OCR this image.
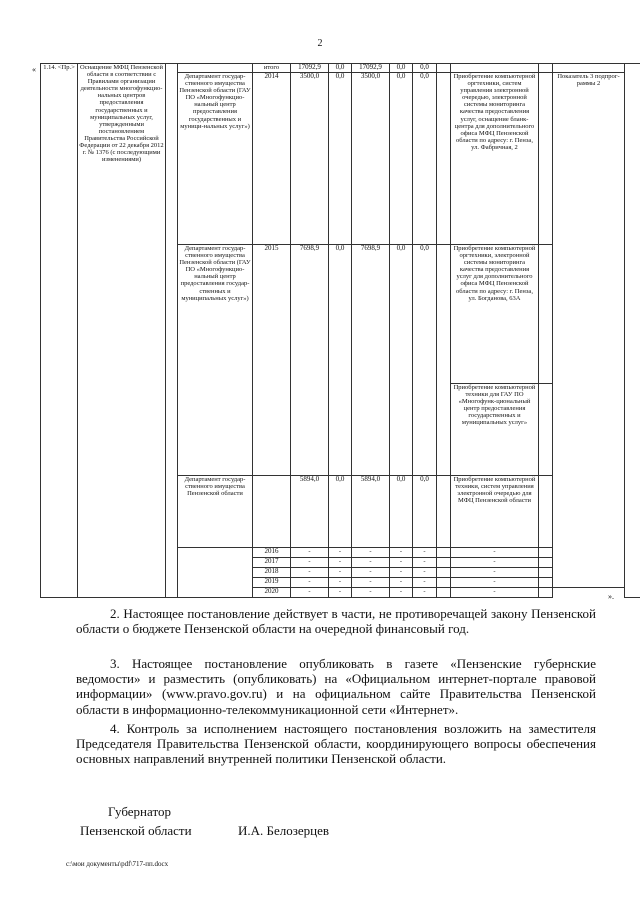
2
« 1.14. <Пр.>	Оснащение МФЦ Пензенской области в соответствии с Правилами организации деятельности многофункцио-нальных центров предоставления государственных и муниципальных услуг, утвержденными постановлением Правительства Российской Федерации от 22 декабря 2012 г. № 1376 (с последующими изменениями)			итого	17092,9	0,0	17092,9	0,0	0,0					
			Департамент государ-ственного имущества Пензенской области (ГАУ ПО «Многофункцио-нальный центр предоставления государственных и муници-нальных услуг»)	2014	3500,0	0,0	3500,0	0,0	0,0		Приобретение компьютерной оргтехники, систем управления электронной очередью, электронной системы мониторинга качества предоставления услуг, оснащение бланк-центра для дополнительного офиса МФЦ Пензенской области по адресу: г. Пенза, ул. Фабричная, 2		Показатель 3 подпрог-раммы 2	
			Департамент государ-ственного имущества Пензенской области (ГАУ ПО «Многофункцио-нальный центр предоставления государ-ственных и муниципальных услуг»)	2015	7698,9	0,0	7698,9	0,0	0,0		Приобретение компьютерной оргтехники, электронной системы мониторинга качества предоставления услуг для дополнительного офиса МФЦ Пензенской области по адресу: г. Пенза, ул. Богданова, 63А			
											Приобретение компьютерной техники для ГАУ ПО «Многофунк-циональный центр предоставления государственных и муниципальных услуг»			
			Департамент государ-ственного имущества Пензенской области		5894,0	0,0	5894,0	0,0	0,0		Приобретение компьютерной техники, систем управления электронной очередью для МФЦ Пензенской области			
				2016	-	-	-	-	-		-			
				2017	-	-	-	-	-		-			
				2018	-	-	-	-	-		-			
				2019	-	-	-	-	-		-			
				2020	-	-	-	-	-		-			
».
2. Настоящее постановление действует в части, не противоречащей закону Пензенской области о бюджете Пензенской области на очередной финансовый год.
3. Настоящее постановление опубликовать в газете «Пензенские губернские ведомости» и разместить (опубликовать) на «Официальном интернет-портале правовой информации» (www.pravo.gov.ru) и на официальном сайте Правительства Пензенской области в информационно-телекоммуникационной сети «Интернет».
4. Контроль за исполнением настоящего постановления возложить на заместителя Председателя Правительства Пензенской области, координирующего вопросы обеспечения основных направлений внутренней политики Пензенской области.
Губернатор
Пензенской области	И.А. Белозерцев
c:\мои документы\pdf\717-пп.docx
